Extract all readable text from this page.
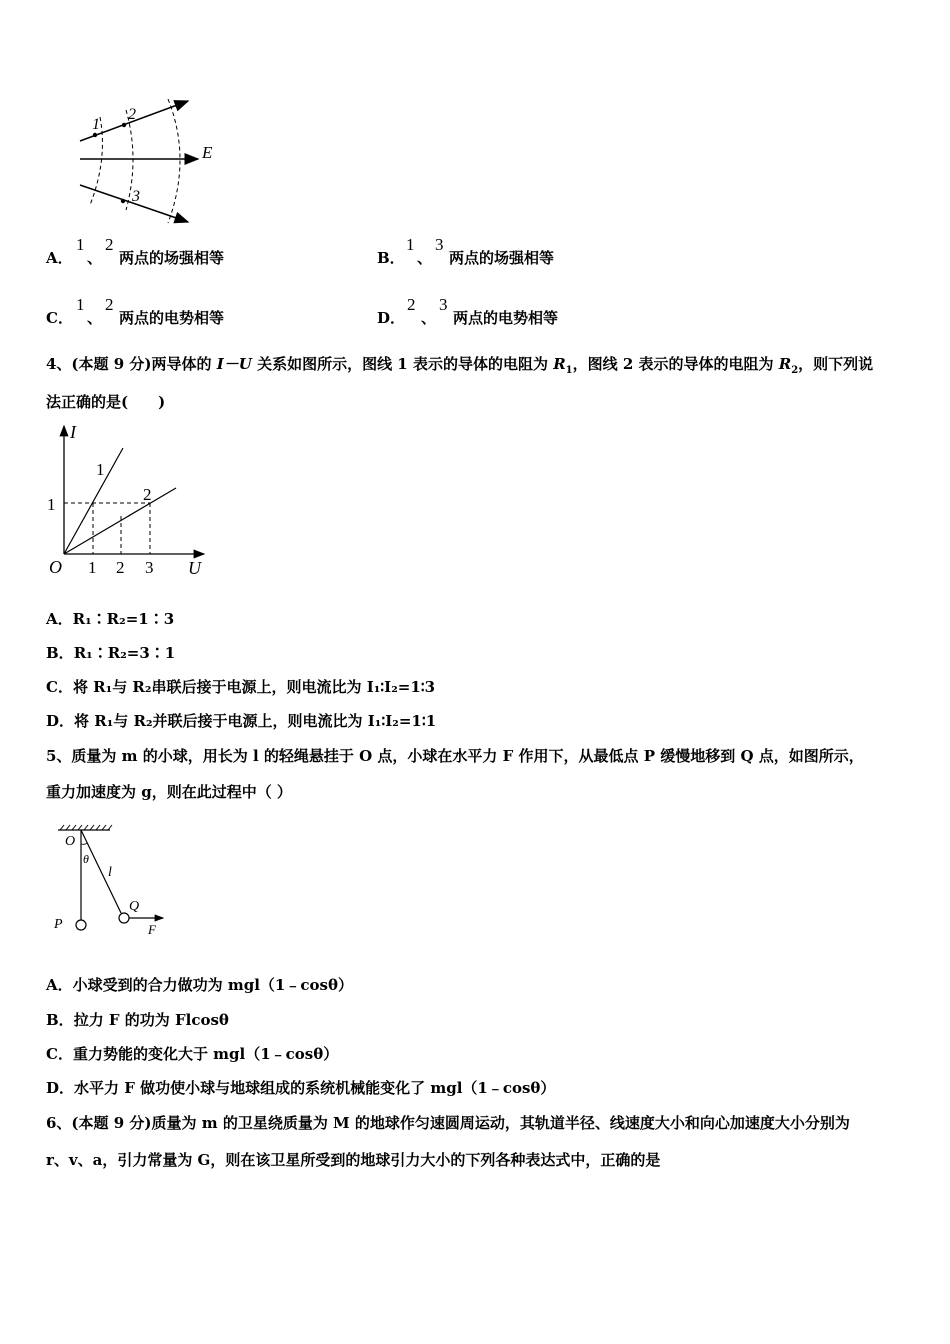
1
2
3
E
A．
1
、
2
两点的场强相等	B．
1
、
3
两点的场强相等
C．
1
、
2
两点的电势相等	D．
2
、
3
两点的电势相等
4、(本题 9 分)两导体的 I－U 关系如图所示，图线 1 表示的导体的电阻为 $R_1$，图线 2 表示的导体的电阻为 $R_2$，则下列说
法正确的是(　　)
I
U
O 1 2 3
1
1
2
A．R₁∶R₂=1∶3
B．R₁∶R₂=3∶1
C．将 R₁与 R₂串联后接于电源上，则电流比为 I₁∶I₂=1∶3
D．将 R₁与 R₂并联后接于电源上，则电流比为 I₁∶I₂=1∶1
5、质量为 m 的小球，用长为 l 的轻绳悬挂于 O 点，小球在水平力 F 作用下，从最低点 P 缓慢地移到 Q 点，如图所示，
重力加速度为 g，则在此过程中（ ）
O
θ
l
P
Q
F
A．小球受到的合力做功为 mgl（1﹣cosθ）
B．拉力 F 的功为 Flcosθ
C．重力势能的变化大于 mgl（1﹣cosθ）
D．水平力 F 做功使小球与地球组成的系统机械能变化了 mgl（1﹣cosθ）
6、(本题 9 分)质量为 m 的卫星绕质量为 M 的地球作匀速圆周运动，其轨道半径、线速度大小和向心加速度大小分别为
r、v、a，引力常量为 G，则在该卫星所受到的地球引力大小的下列各种表达式中，正确的是
